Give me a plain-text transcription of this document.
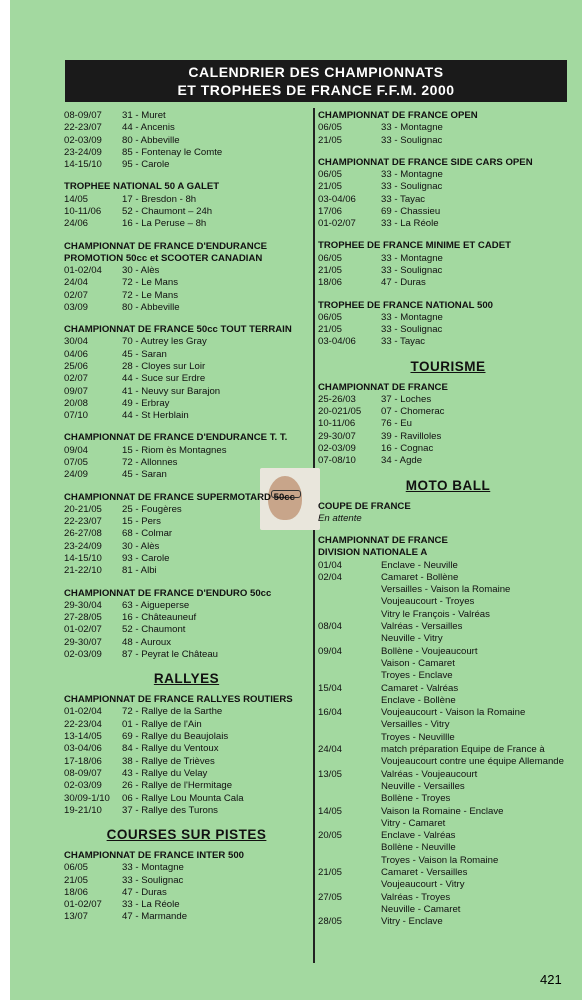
CALENDRIER DES CHAMPIONNATS
ET TROPHEES DE FRANCE F.F.M. 2000
08-09/07	31 - Muret
22-23/07	44 - Ancenis
02-03/09	80 - Abbeville
23-24/09	85 - Fontenay le Comte
14-15/10	95 - Carole
TROPHEE NATIONAL 50 A GALET
14/05	17 - Bresdon - 8h
10-11/06	52 - Chaumont – 24h
24/06	16 - La Peruse – 8h
CHAMPIONNAT DE FRANCE D'ENDURANCE
PROMOTION 50cc et SCOOTER CANADIAN
01-02/04	30 - Alès
24/04	72 - Le Mans
02/07	72 - Le Mans
03/09	80 - Abbeville
CHAMPIONNAT DE FRANCE 50cc TOUT TERRAIN
30/04	70 - Autrey les Gray
04/06	45 - Saran
25/06	28 - Cloyes sur Loir
02/07	44 - Suce sur Erdre
09/07	41 - Neuvy sur Barajon
20/08	49 - Erbray
07/10	44 - St Herblain
CHAMPIONNAT DE FRANCE D'ENDURANCE T. T.
09/04	15 - Riom ès Montagnes
07/05	72 - Allonnes
24/09	45 - Saran
CHAMPIONNAT DE FRANCE SUPERMOTARD 50cc
20-21/05	25 - Fougères
22-23/07	15 - Pers
26-27/08	68 - Colmar
23-24/09	30 - Alès
14-15/10	93 - Carole
21-22/10	81 - Albi
CHAMPIONNAT DE FRANCE D'ENDURO 50cc
29-30/04	63 - Aigueperse
27-28/05	16 - Châteauneuf
01-02/07	52 - Chaumont
29-30/07	48 - Auroux
02-03/09	87 - Peyrat le Château
RALLYES
CHAMPIONNAT DE FRANCE RALLYES ROUTIERS
01-02/04	72 - Rallye de la Sarthe
22-23/04	01 - Rallye de l'Ain
13-14/05	69 - Rallye du Beaujolais
03-04/06	84 - Rallye du Ventoux
17-18/06	38 - Rallye de Trièves
08-09/07	43 - Rallye du Velay
02-03/09	26 - Rallye de l'Hermitage
30/09-1/10	06 - Rallye Lou Mounta Cala
19-21/10	37 - Rallye des Turons
COURSES SUR PISTES
CHAMPIONNAT DE FRANCE INTER 500
06/05	33 - Montagne
21/05	33 - Soulignac
18/06	47 - Duras
01-02/07	33 - La Réole
13/07	47 - Marmande
CHAMPIONNAT DE FRANCE OPEN
06/05	33 - Montagne
21/05	33 - Soulignac
CHAMPIONNAT DE FRANCE SIDE CARS OPEN
06/05	33 - Montagne
21/05	33 - Soulignac
03-04/06	33 - Tayac
17/06	69 - Chassieu
01-02/07	33 - La Réole
TROPHEE DE FRANCE MINIME ET CADET
06/05	33 - Montagne
21/05	33 - Soulignac
18/06	47 - Duras
TROPHEE DE FRANCE NATIONAL 500
06/05	33 - Montagne
21/05	33 - Soulignac
03-04/06	33 - Tayac
TOURISME
CHAMPIONNAT DE FRANCE
25-26/03	37 - Loches
20-021/05	07 - Chomerac
10-11/06	76 - Eu
29-30/07	39 - Ravilloles
02-03/09	16 - Cognac
07-08/10	34 - Agde
MOTO BALL
COUPE DE FRANCE
En attente
CHAMPIONNAT DE FRANCE
DIVISION NATIONALE A
01/04	Enclave - Neuville
02/04	Camaret - Bollène
Versailles - Vaison la Romaine
Voujeaucourt - Troyes
Vitry le François - Valréas
08/04	Valréas - Versailles
Neuville - Vitry
09/04	Bollène - Voujeaucourt
Vaison - Camaret
Troyes - Enclave
15/04	Camaret - Valréas
Enclave - Bollène
16/04	Voujeaucourt - Vaison la Romaine
Versailles - Vitry
Troyes - Neuvillle
24/04	match préparation Equipe de France à
Voujeaucourt contre une équipe Allemande
13/05	Valréas - Voujeaucourt
Neuville - Versailles
Bollène - Troyes
14/05	Vaison la Romaine - Enclave
Vitry - Camaret
20/05	Enclave - Valréas
Bollène - Neuville
Troyes - Vaison la Romaine
21/05	Camaret - Versailles
Voujeaucourt - Vitry
27/05	Valréas - Troyes
Neuville - Camaret
28/05	Vitry - Enclave
421
